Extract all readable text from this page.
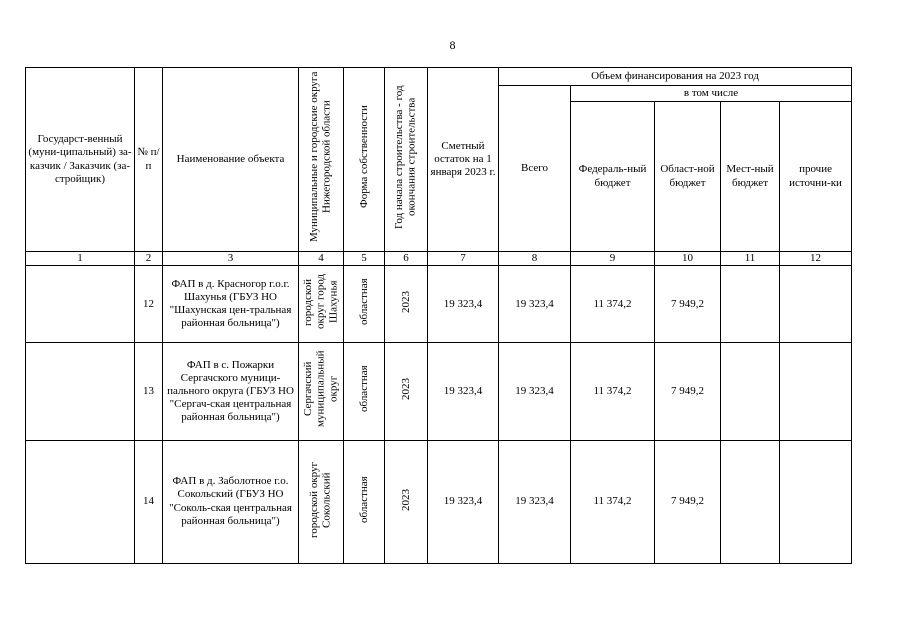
8
Государст-венный (муни-ципальный) за-казчик / Заказчик (за-стройщик)	№ п/п	Наименование объекта	Муниципальные и городские округа Нижегородской области	Форма собственности	Год начала строительства - год окончания строительства	Сметный остаток на 1 января 2023 г.	Объем финансирования на 2023 год				
							Всего	в том числе			
								Федераль-ный бюджет	Област-ной бюджет	Мест-ный бюджет	прочие источни-ки
1	2	3	4	5	6	7	8	9	10	11	12
	12	ФАП в д. Красногор г.о.г. Шахунья (ГБУЗ НО "Шахунская цен-тральная районная больница")	городской округ город Шахунья	областная	2023	19 323,4	19 323,4	11 374,2	7 949,2		
	13	ФАП в с. Пожарки Сергачского муници-пального округа (ГБУЗ НО "Сергач-ская центральная районная больница")	Сергачский муниципальный округ	областная	2023	19 323,4	19 323,4	11 374,2	7 949,2		
	14	ФАП в д. Заболотное г.о. Сокольский (ГБУЗ НО "Соколь-ская центральная районная больница")	городской округ Сокольский	областная	2023	19 323,4	19 323,4	11 374,2	7 949,2		
